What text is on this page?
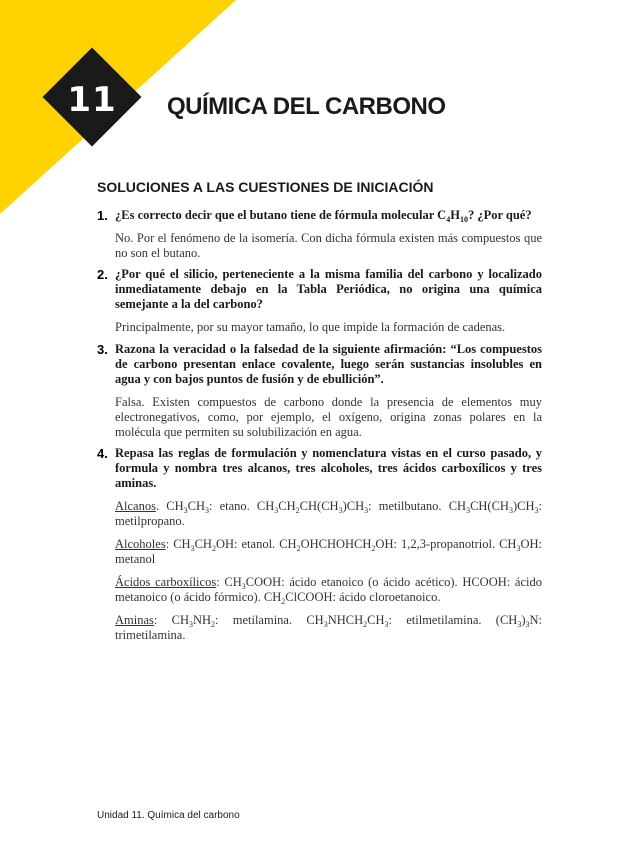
11	QUÍMICA DEL CARBONO
SOLUCIONES A LAS CUESTIONES DE INICIACIÓN
1. ¿Es correcto decir que el butano tiene de fórmula molecular $C_4H_{10}$? ¿Por qué?

No. Por el fenómeno de la isomería. Con dicha fórmula existen más compuestos que no son el butano.

2. ¿Por qué el silicio, perteneciente a la misma familia del carbono y localizado inmediatamente debajo en la Tabla Periódica, no origina una química semejante a la del carbono?

Principalmente, por su mayor tamaño, lo que impide la formación de cadenas.

3. Razona la veracidad o la falsedad de la siguiente afirmación: “Los compuestos de carbono presentan enlace covalente, luego serán sustancias insolubles en agua y con bajos puntos de fusión y de ebullición”.

Falsa. Existen compuestos de carbono donde la presencia de elementos muy electronegativos, como, por ejemplo, el oxígeno, origina zonas polares en la molécula que permiten su solubilización en agua.

4. Repasa las reglas de formulación y nomenclatura vistas en el curso pasado, y formula y nombra tres alcanos, tres alcoholes, tres ácidos carboxílicos y tres aminas.

Alcanos. $CH_3CH_3$: etano. $CH_3CH_2CH(CH_3)CH_3$: metilbutano. $CH_3CH(CH_3)CH_3$: metilpropano.

Alcoholes: $CH_3CH_2OH$: etanol. $CH_2OHCHOHCH_2OH$: 1,2,3-propanotriol. $CH_3OH$: metanol

Ácidos carboxílicos: $CH_3COOH$: ácido etanoico (o ácido acético). HCOOH: ácido metanoico (o ácido fórmico). $CH_2ClCOOH$: ácido cloroetanoico.

Aminas: $CH_3NH_2$: metilamina. $CH_3NHCH_2CH_3$: etilmetilamina. $(CH_3)_3N$: trimetilamina.

Unidad 11. Química del carbono
